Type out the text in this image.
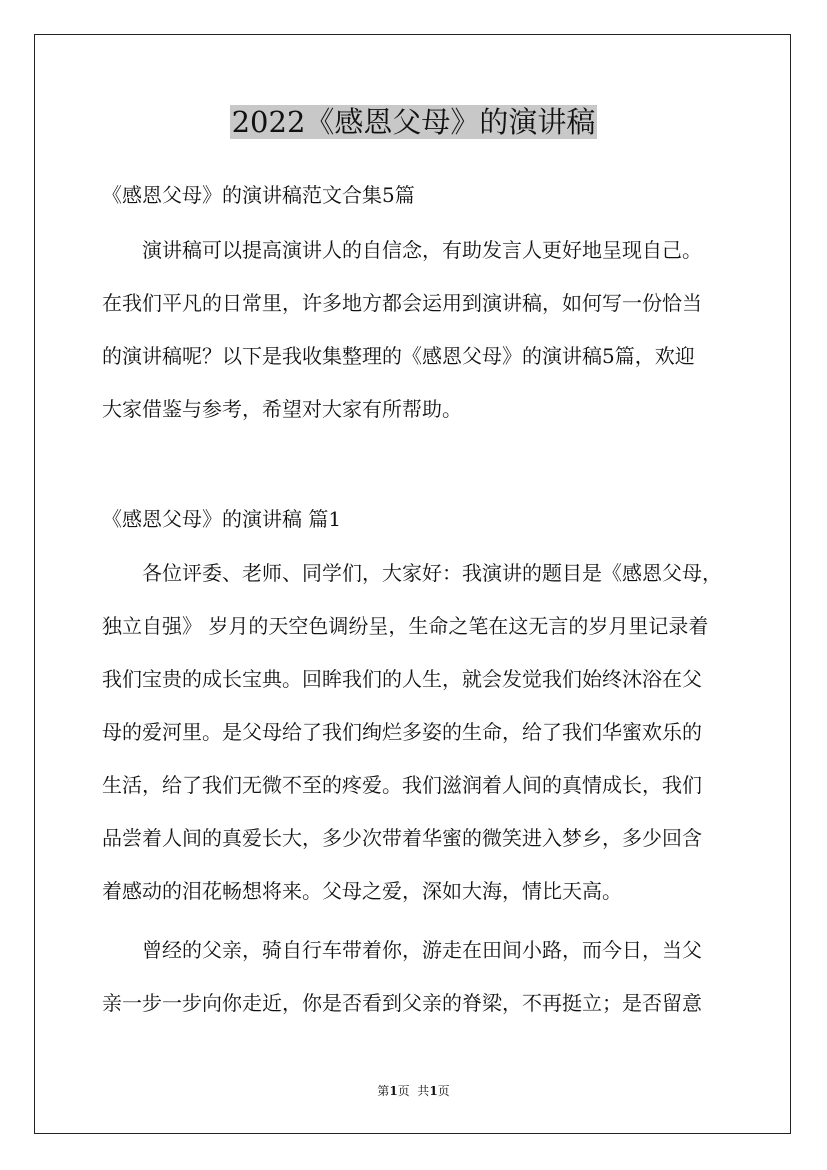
2022《感恩父母》的演讲稿
《感恩父母》的演讲稿范文合集5篇
演讲稿可以提高演讲人的自信念，有助发言人更好地呈现自己。
在我们平凡的日常里，许多地方都会运用到演讲稿，如何写一份恰当
的演讲稿呢？以下是我收集整理的《感恩父母》的演讲稿5篇，欢迎
大家借鉴与参考，希望对大家有所帮助。
《感恩父母》的演讲稿 篇1
各位评委、老师、同学们，大家好：我演讲的题目是《感恩父母，
独立自强》 岁月的天空色调纷呈，生命之笔在这无言的岁月里记录着
我们宝贵的成长宝典。回眸我们的人生，就会发觉我们始终沐浴在父
母的爱河里。是父母给了我们绚烂多姿的生命，给了我们华蜜欢乐的
生活，给了我们无微不至的疼爱。我们滋润着人间的真情成长，我们
品尝着人间的真爱长大，多少次带着华蜜的微笑进入梦乡，多少回含
着感动的泪花畅想将来。父母之爱，深如大海，情比天高。
曾经的父亲，骑自行车带着你，游走在田间小路，而今日，当父
亲一步一步向你走近，你是否看到父亲的脊梁，不再挺立；是否留意
第1页  共1页
